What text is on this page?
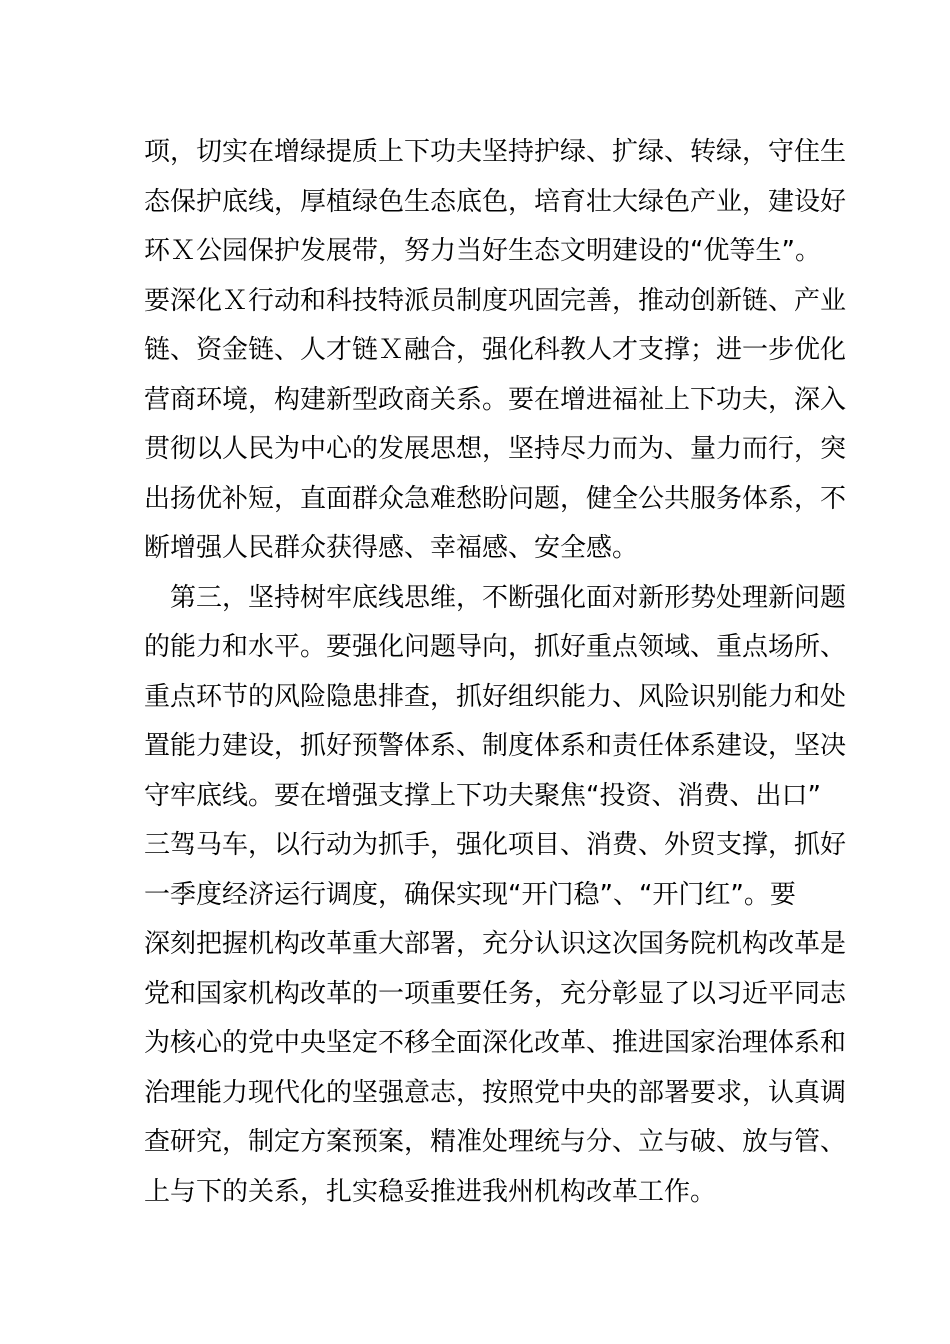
项，切实在增绿提质上下功夫坚持护绿、扩绿、转绿，守住生
态保护底线，厚植绿色生态底色，培育壮大绿色产业，建设好
环Ｘ公园保护发展带，努力当好生态文明建设的“优等生”。
要深化Ｘ行动和科技特派员制度巩固完善，推动创新链、产业
链、资金链、人才链Ｘ融合，强化科教人才支撑；进一步优化
营商环境，构建新型政商关系。要在增进福祉上下功夫，深入
贯彻以人民为中心的发展思想，坚持尽力而为、量力而行，突
出扬优补短，直面群众急难愁盼问题，健全公共服务体系，不
断增强人民群众获得感、幸福感、安全感。
　第三，坚持树牢底线思维，不断强化面对新形势处理新问题
的能力和水平。要强化问题导向，抓好重点领域、重点场所、
重点环节的风险隐患排查，抓好组织能力、风险识别能力和处
置能力建设，抓好预警体系、制度体系和责任体系建设，坚决
守牢底线。要在增强支撑上下功夫聚焦“投资、消费、出口”
三驾马车，以行动为抓手，强化项目、消费、外贸支撑，抓好
一季度经济运行调度，确保实现“开门稳”、“开门红”。要
深刻把握机构改革重大部署，充分认识这次国务院机构改革是
党和国家机构改革的一项重要任务，充分彰显了以习近平同志
为核心的党中央坚定不移全面深化改革、推进国家治理体系和
治理能力现代化的坚强意志，按照党中央的部署要求，认真调
查研究，制定方案预案，精准处理统与分、立与破、放与管、
上与下的关系，扎实稳妥推进我州机构改革工作。
